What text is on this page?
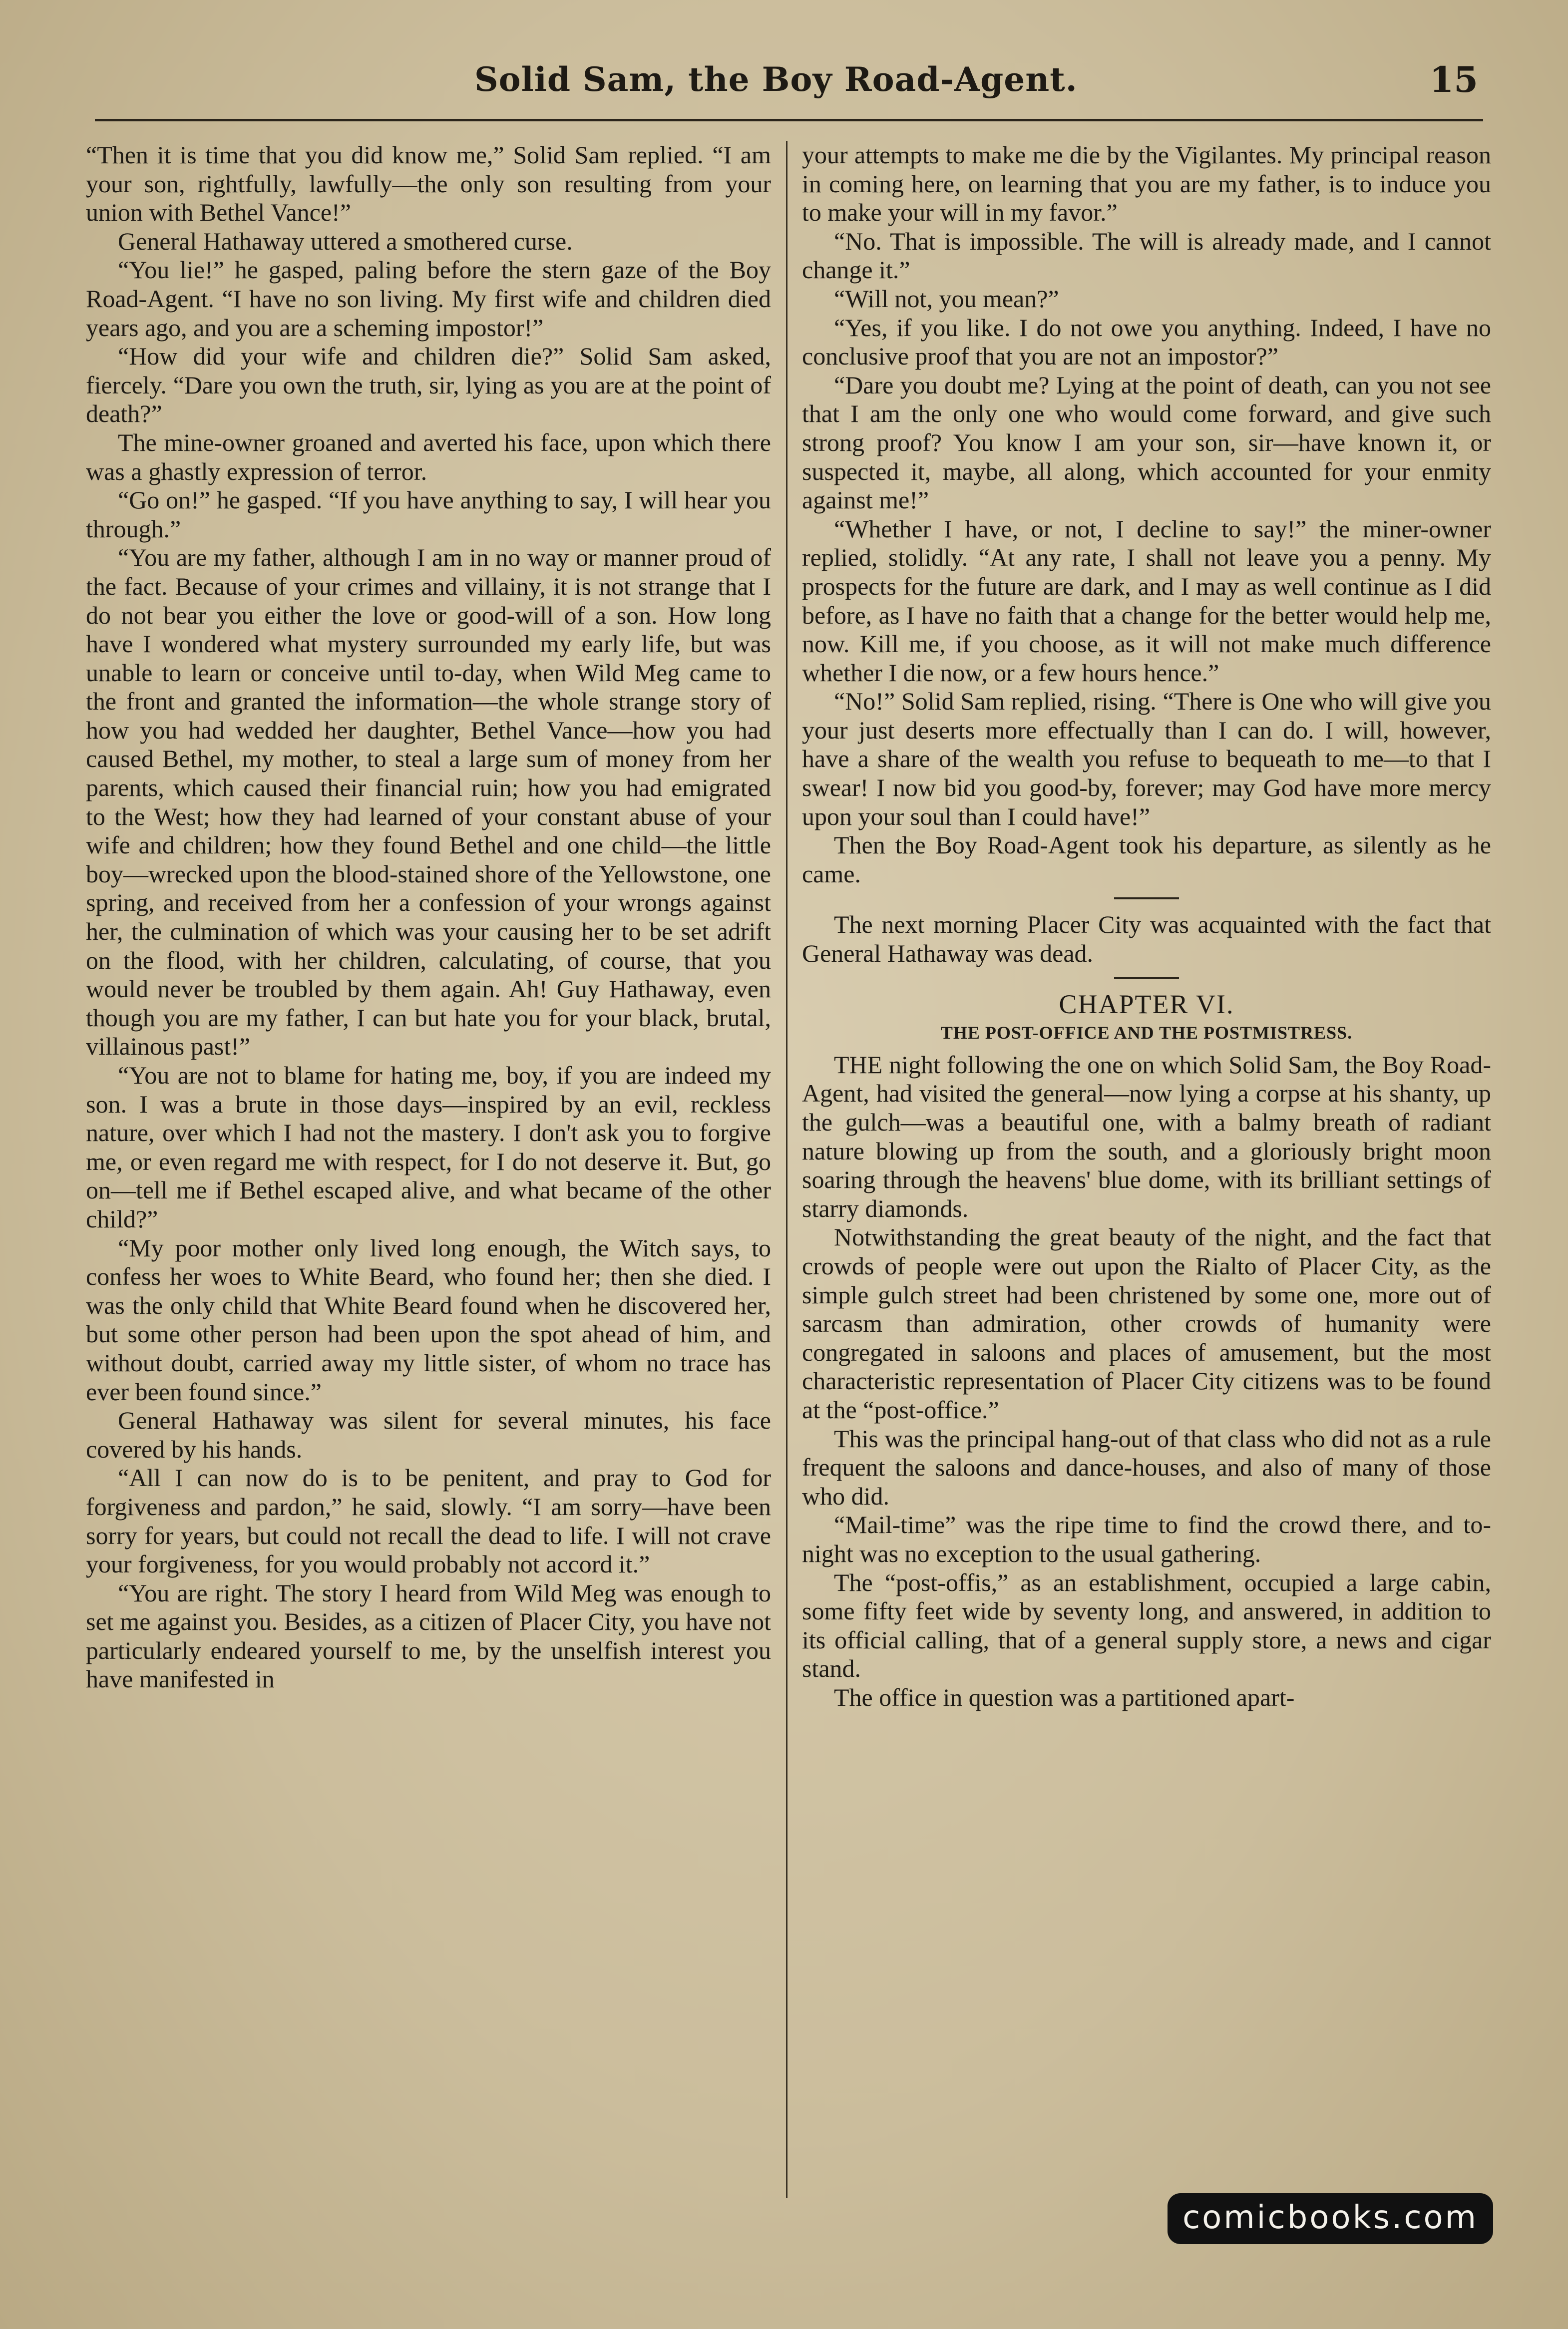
Solid Sam, the Boy Road-Agent.	15

“Then it is time that you did know me,” Solid Sam replied. “I am your son, rightfully, lawfully—the only son resulting from your union with Bethel Vance!”

General Hathaway uttered a smothered curse.

“You lie!” he gasped, paling before the stern gaze of the Boy Road-Agent. “I have no son living. My first wife and children died years ago, and you are a scheming impostor!”

“How did your wife and children die?” Solid Sam asked, fiercely. “Dare you own the truth, sir, lying as you are at the point of death?”

The mine-owner groaned and averted his face, upon which there was a ghastly expression of terror.

“Go on!” he gasped. “If you have anything to say, I will hear you through.”

“You are my father, although I am in no way or manner proud of the fact. Because of your crimes and villainy, it is not strange that I do not bear you either the love or good-will of a son. How long have I wondered what mystery surrounded my early life, but was unable to learn or conceive until to-day, when Wild Meg came to the front and granted the information—the whole strange story of how you had wedded her daughter, Bethel Vance—how you had caused Bethel, my mother, to steal a large sum of money from her parents, which caused their financial ruin; how you had emigrated to the West; how they had learned of your constant abuse of your wife and children; how they found Bethel and one child—the little boy—wrecked upon the blood-stained shore of the Yellowstone, one spring, and received from her a confession of your wrongs against her, the culmination of which was your causing her to be set adrift on the flood, with her children, calculating, of course, that you would never be troubled by them again. Ah! Guy Hathaway, even though you are my father, I can but hate you for your black, brutal, villainous past!”

“You are not to blame for hating me, boy, if you are indeed my son. I was a brute in those days—inspired by an evil, reckless nature, over which I had not the mastery. I don't ask you to forgive me, or even regard me with respect, for I do not deserve it. But, go on—tell me if Bethel escaped alive, and what became of the other child?”

“My poor mother only lived long enough, the Witch says, to confess her woes to White Beard, who found her; then she died. I was the only child that White Beard found when he discovered her, but some other person had been upon the spot ahead of him, and without doubt, carried away my little sister, of whom no trace has ever been found since.”

General Hathaway was silent for several minutes, his face covered by his hands.

“All I can now do is to be penitent, and pray to God for forgiveness and pardon,” he said, slowly. “I am sorry—have been sorry for years, but could not recall the dead to life. I will not crave your forgiveness, for you would probably not accord it.”

“You are right. The story I heard from Wild Meg was enough to set me against you. Besides, as a citizen of Placer City, you have not particularly endeared yourself to me, by the unselfish interest you have manifested in

your attempts to make me die by the Vigilantes. My principal reason in coming here, on learning that you are my father, is to induce you to make your will in my favor.”

“No. That is impossible. The will is already made, and I cannot change it.”

“Will not, you mean?”

“Yes, if you like. I do not owe you anything. Indeed, I have no conclusive proof that you are not an impostor?”

“Dare you doubt me? Lying at the point of death, can you not see that I am the only one who would come forward, and give such strong proof? You know I am your son, sir—have known it, or suspected it, maybe, all along, which accounted for your enmity against me!”

“Whether I have, or not, I decline to say!” the miner-owner replied, stolidly. “At any rate, I shall not leave you a penny. My prospects for the future are dark, and I may as well continue as I did before, as I have no faith that a change for the better would help me, now. Kill me, if you choose, as it will not make much difference whether I die now, or a few hours hence.”

“No!” Solid Sam replied, rising. “There is One who will give you your just deserts more effectually than I can do. I will, however, have a share of the wealth you refuse to bequeath to me—to that I swear! I now bid you good-by, forever; may God have more mercy upon your soul than I could have!”

Then the Boy Road-Agent took his departure, as silently as he came.

The next morning Placer City was acquainted with the fact that General Hathaway was dead.

CHAPTER VI.
THE POST-OFFICE AND THE POSTMISTRESS.

THE night following the one on which Solid Sam, the Boy Road-Agent, had visited the general—now lying a corpse at his shanty, up the gulch—was a beautiful one, with a balmy breath of radiant nature blowing up from the south, and a gloriously bright moon soaring through the heavens' blue dome, with its brilliant settings of starry diamonds.

Notwithstanding the great beauty of the night, and the fact that crowds of people were out upon the Rialto of Placer City, as the simple gulch street had been christened by some one, more out of sarcasm than admiration, other crowds of humanity were congregated in saloons and places of amusement, but the most characteristic representation of Placer City citizens was to be found at the “post-office.”

This was the principal hang-out of that class who did not as a rule frequent the saloons and dance-houses, and also of many of those who did.

“Mail-time” was the ripe time to find the crowd there, and to-night was no exception to the usual gathering.

The “post-offis,” as an establishment, occupied a large cabin, some fifty feet wide by seventy long, and answered, in addition to its official calling, that of a general supply store, a news and cigar stand.

The office in question was a partitioned apart-

comicbooks.com
